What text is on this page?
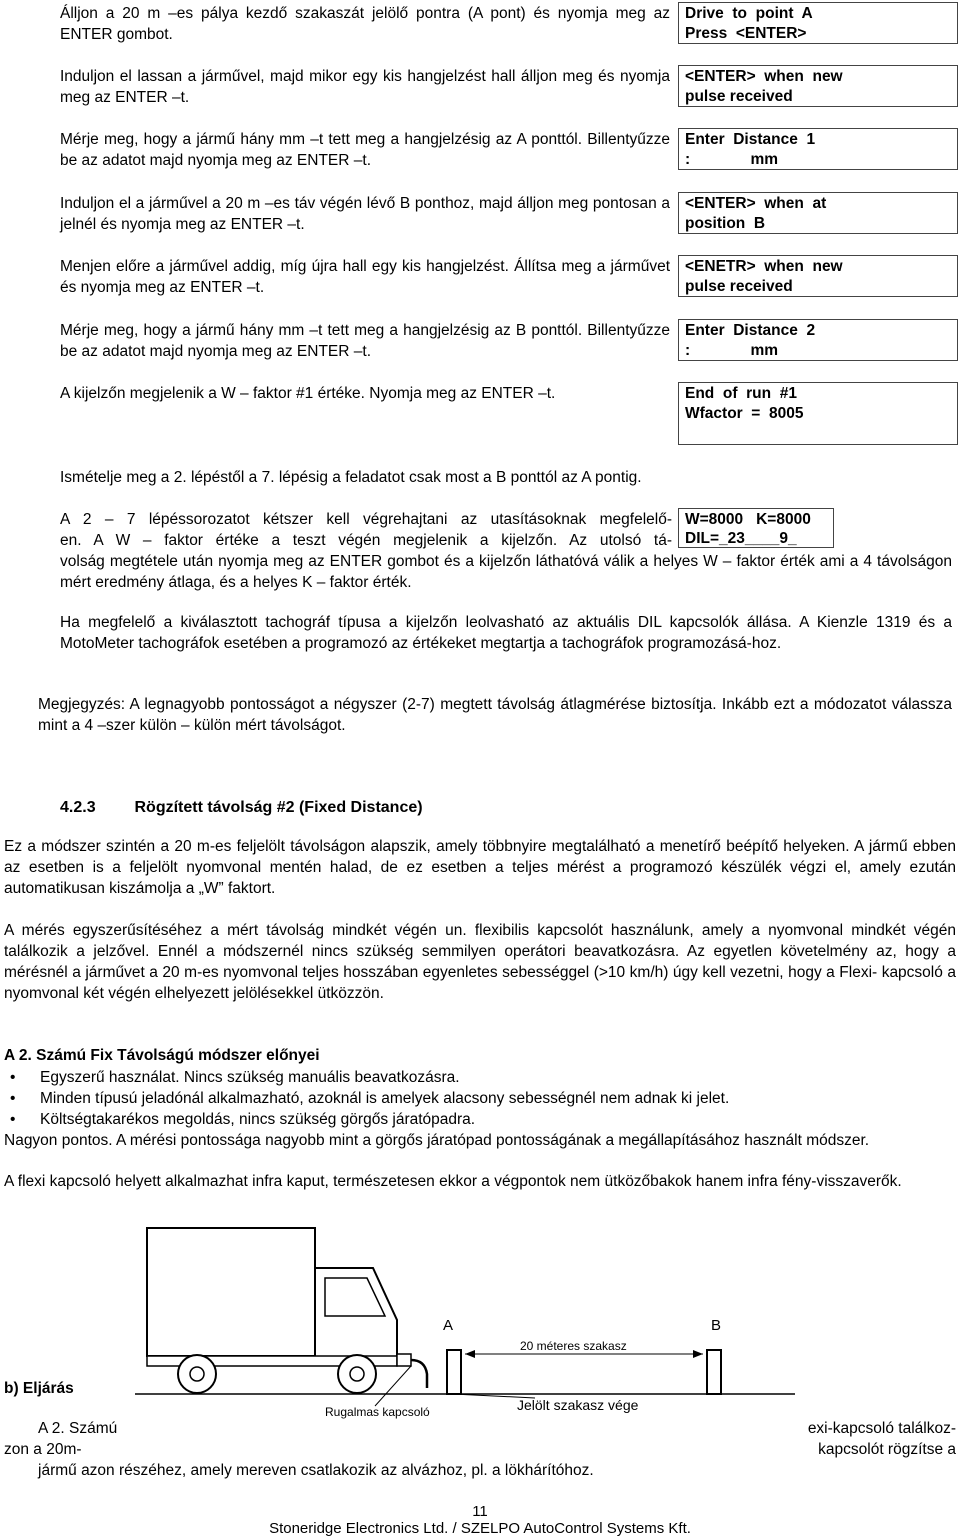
Álljon a 20 m –es pálya kezdő szakaszát jelölő pontra (A pont) és nyomja meg az ENTER gombot.
Drive  to  point  A
Press  <ENTER>
Induljon el lassan a járművel, majd mikor egy kis hangjelzést hall álljon meg és nyomja meg az ENTER –t.
<ENTER>  when  new
pulse received
Mérje meg, hogy a jármű hány mm –t tett meg a hangjelzésig az A ponttól. Billentyűzze be az adatot majd nyomja meg az ENTER –t.
Enter  Distance  1
:              mm
Induljon el a járművel a 20 m –es táv végén lévő B ponthoz, majd álljon meg pontosan a jelnél és nyomja meg az ENTER –t.
<ENTER>  when  at
position  B
Menjen előre a járművel addig, míg újra hall egy kis hangjelzést. Állítsa meg a járművet és nyomja meg az ENTER –t.
<ENETR>  when  new
pulse received
Mérje meg, hogy a jármű hány mm –t tett meg a hangjelzésig az B ponttól. Billentyűzze be az adatot majd nyomja meg az ENTER –t.
Enter  Distance  2
:              mm
A kijelzőn megjelenik a W – faktor #1 értéke. Nyomja meg az ENTER –t.	End  of  run  #1
Wfactor  =  8005
Ismételje meg a 2. lépéstől a 7. lépésig a feladatot csak most a B ponttól az A pontig.
A 2 – 7 lépéssorozatot kétszer kell végrehajtani az utasításoknak megfelelő-
en. A W – faktor értéke a teszt végén megjelenik a kijelzőn. Az utolsó tá-
volság megtétele után nyomja meg az ENTER gombot és a kijelzőn láthatóvá válik a helyes W – faktor érték ami a 4 távolságon mért eredmény átlaga, és a helyes K – faktor érték.
W=8000   K=8000
DIL=_23____9_
Ha megfelelő a kiválasztott tachográf típusa a kijelzőn leolvasható az aktuális DIL kapcsolók állása. A Kienzle 1319 és a MotoMeter tachográfok esetében a programozó az értékeket megtartja a tachográfok programozásá-hoz.
Megjegyzés: A legnagyobb pontosságot a négyszer (2-7) megtett távolság átlagmérése biztosítja. Inkább ezt a módozatot válassza mint a 4 –szer külön – külön mért távolságot.
4.2.3 Rögzített távolság #2 (Fixed Distance)
Ez a módszer szintén a 20 m-es feljelölt távolságon alapszik, amely többnyire megtalálható a menetírő beépítő helyeken. A jármű ebben az esetben is a feljelölt nyomvonal mentén halad, de ez esetben a teljes mérést a programozó készülék végzi el, amely ezután automatikusan kiszámolja a „W” faktort.
A mérés egyszerűsítéséhez a mért távolság mindkét végén un. flexibilis kapcsolót használunk, amely a nyomvonal mindkét végén találkozik a jelzővel. Ennél a módszernél nincs szükség semmilyen operátori beavatkozásra. Az egyetlen követelmény az, hogy a mérésnél a járművet a 20 m-es nyomvonal teljes hosszában egyenletes sebességgel (>10 km/h) úgy kell vezetni, hogy a Flexi- kapcsoló a nyomvonal két végén elhelyezett jelölésekkel ütközzön.
A 2. Számú Fix Távolságú módszer előnyei
• Egyszerű használat. Nincs szükség manuális beavatkozásra.
• Minden típusú jeladónál alkalmazható, azoknál is amelyek alacsony sebességnél nem adnak ki jelet.
• Költségtakarékos megoldás, nincs szükség görgős járatópadra.
Nagyon pontos. A mérési pontossága nagyobb mint a görgős járatópad pontosságának a megállapításához használt módszer.
A flexi kapcsoló helyett alkalmazhat infra kaput, természetesen ekkor a végpontok nem ütközőbakok hanem infra fény-visszaverők.
b) Eljárás
A 2. Számú	exi-kapcsoló találkoz-
zon a 20m-	kapcsolót rögzítse a
jármű azon részéhez, amely mereven csatlakozik az alvázhoz, pl. a lökhárítóhoz.
A	B
20 méteres szakasz
Rugalmas kapcsoló	Jelölt szakasz vége
11
Stoneridge Electronics Ltd. / SZELPO AutoControl Systems Kft.
